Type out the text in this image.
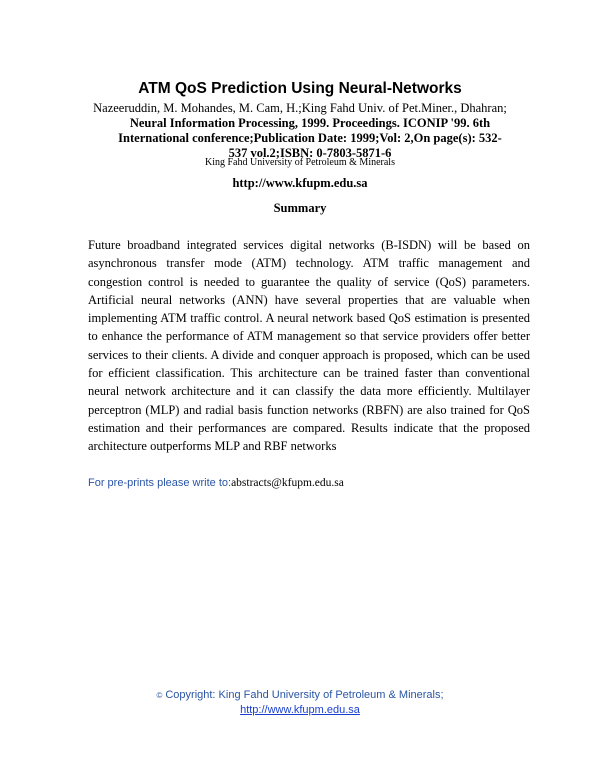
ATM QoS Prediction Using Neural-Networks
Nazeeruddin, M. Mohandes, M. Cam, H.;King Fahd Univ. of Pet.Miner., Dhahran;
Neural Information Processing, 1999. Proceedings. ICONIP '99. 6th International conference;Publication Date: 1999;Vol: 2,On page(s): 532-537 vol.2;ISBN: 0-7803-5871-6
King Fahd University of Petroleum & Minerals
http://www.kfupm.edu.sa
Summary

Future broadband integrated services digital networks (B-ISDN) will be based on asynchronous transfer mode (ATM) technology. ATM traffic management and congestion control is needed to guarantee the quality of service (QoS) parameters. Artificial neural networks (ANN) have several properties that are valuable when implementing ATM traffic control. A neural network based QoS estimation is presented to enhance the performance of ATM management so that service providers offer better services to their clients. A divide and conquer approach is proposed, which can be used for efficient classification. This architecture can be trained faster than conventional neural network architecture and it can classify the data more efficiently. Multilayer perceptron (MLP) and radial basis function networks (RBFN) are also trained for QoS estimation and their performances are compared. Results indicate that the proposed architecture outperforms MLP and RBF networks

For pre-prints please write to:abstracts@kfupm.edu.sa
© Copyright: King Fahd University of Petroleum & Minerals;
http://www.kfupm.edu.sa
